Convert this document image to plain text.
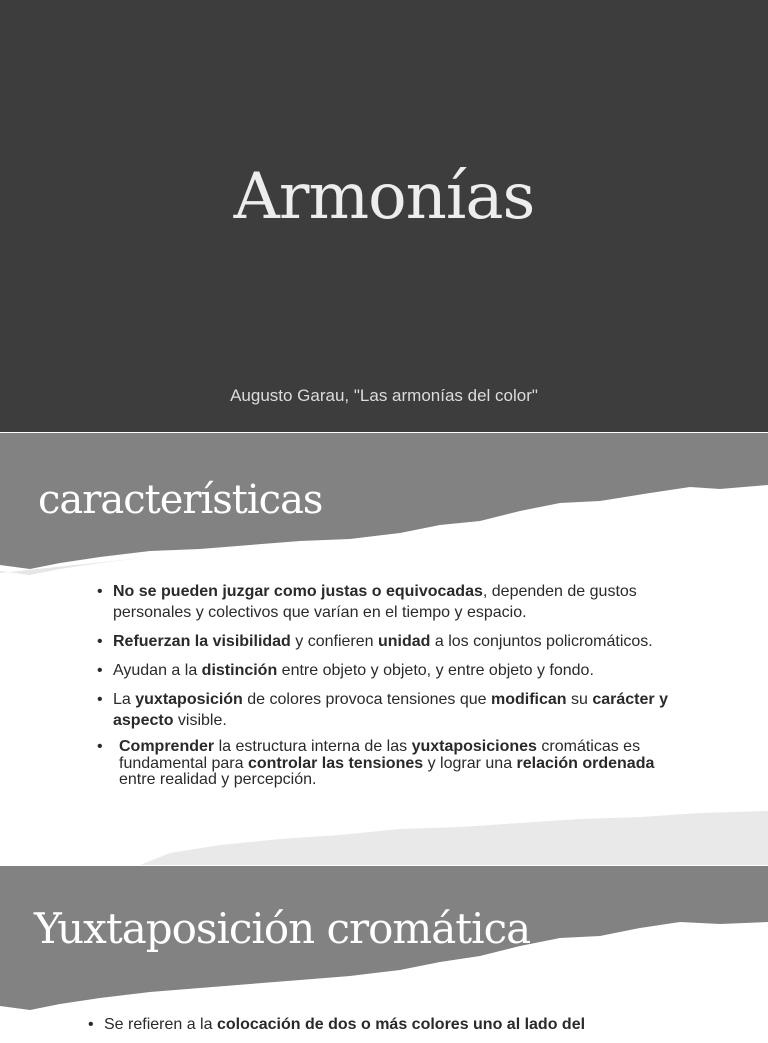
Armonías
Augusto Garau, "Las armonías del color"
características
• No se pueden juzgar como justas o equivocadas, dependen de gustos personales y colectivos que varían en el tiempo y espacio.
• Refuerzan la visibilidad y confieren unidad a los conjuntos policromáticos.
• Ayudan a la distinción entre objeto y objeto, y entre objeto y fondo.
• La yuxtaposición de colores provoca tensiones que modifican su carácter y aspecto visible.
• Comprender la estructura interna de las yuxtaposiciones cromáticas es fundamental para controlar las tensiones y lograr una relación ordenada entre realidad y percepción.
Yuxtaposición cromática
• Se refieren a la colocación de dos o más colores uno al lado del
